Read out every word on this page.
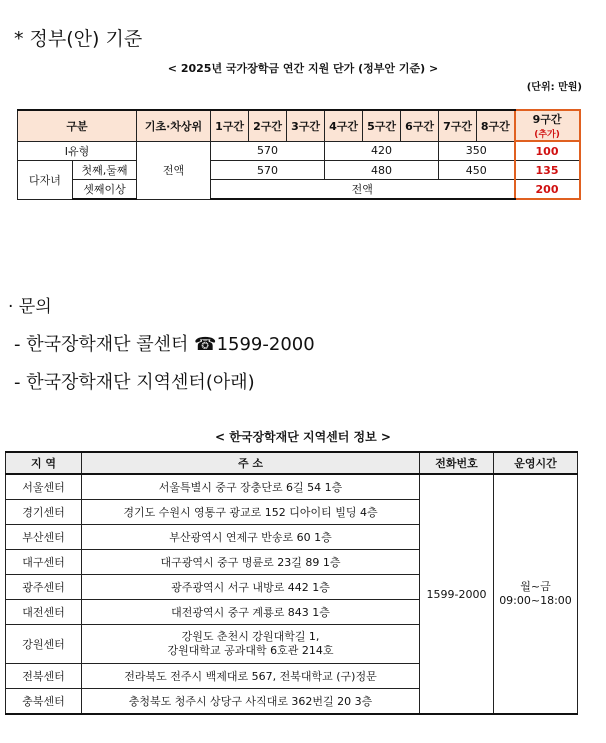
* 정부(안) 기준
< 2025년 국가장학금 연간 지원 단가 (정부안 기준) >
(단위: 만원)
구분		기초·차상위	1구간	2구간	3구간	4구간	5구간	6구간	7구간	8구간	9구간
(추가)

Ⅰ유형		전액	570			420			350		100
다자녀	첫째,둘째		570			480			450		135
	셋째이상		전액								200
· 문의
- 한국장학재단 콜센터 ☎1599-2000
- 한국장학재단 지역센터(아래)
< 한국장학재단 지역센터 정보 >
지 역	주 소	전화번호	운영시간
서울센터	서울특별시 중구 장충단로 6길 54 1층	1599-2000	월~금
09:00~18:00
경기센터	경기도 수원시 영통구 광교로 152 디아이티 빌딩 4층		
부산센터	부산광역시 연제구 반송로 60 1층		
대구센터	대구광역시 중구 명륜로 23길 89 1층		
광주센터	광주광역시 서구 내방로 442 1층		
대전센터	대전광역시 중구 계룡로 843 1층		
강원센터	강원도 춘천시 강원대학길 1,
강원대학교 공과대학 6호관 214호		
전북센터	전라북도 전주시 백제대로 567, 전북대학교 (구)정문		
충북센터	충청북도 청주시 상당구 사직대로 362번길 20 3층		
